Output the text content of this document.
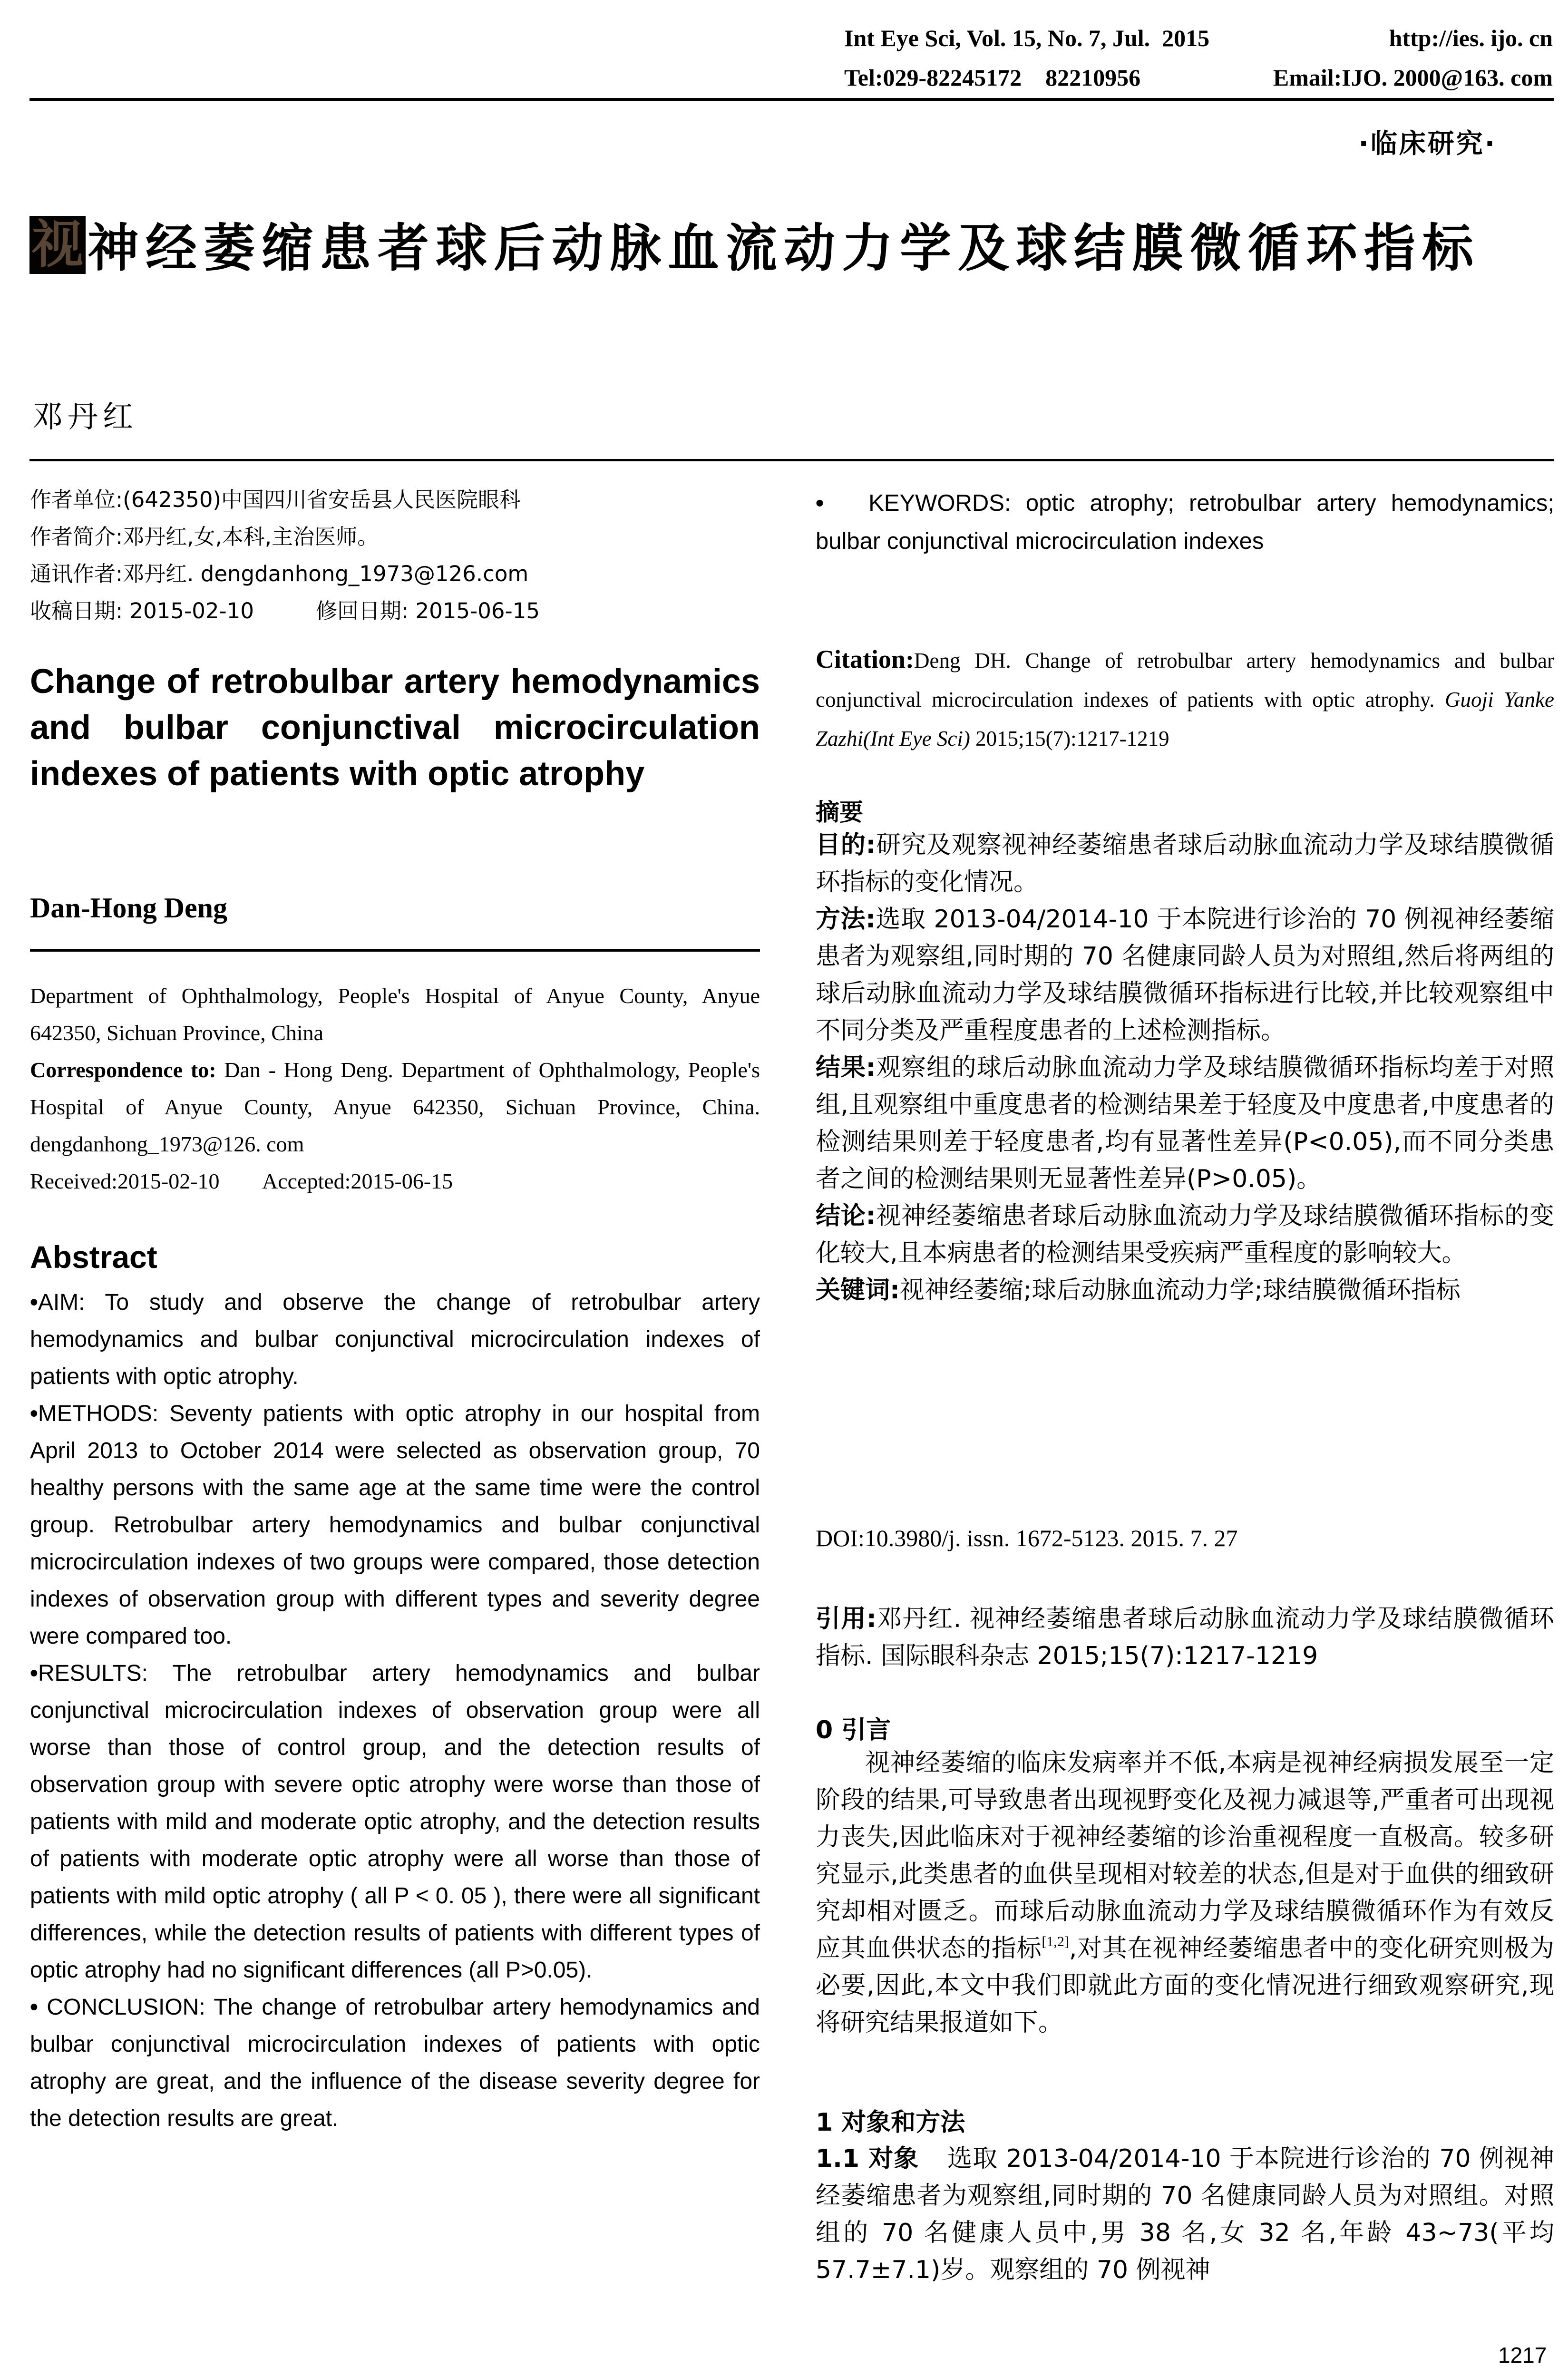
Int Eye Sci, Vol. 15, No. 7, Jul.  2015	http://ies. ijo. cn
Tel:029-82245172    82210956	Email:IJO. 2000@163. com
·临床研究·
视神经萎缩患者球后动脉血流动力学及球结膜微循环指标
邓丹红
作者单位:(642350)中国四川省安岳县人民医院眼科
作者简介:邓丹红,女,本科,主治医师。
通讯作者:邓丹红. dengdanhong_1973@126.com
收稿日期: 2015-02-10	修回日期: 2015-06-15
Change of retrobulbar artery hemodynamics and bulbar conjunctival microcirculation indexes of patients with optic atrophy
Dan-Hong Deng
Department of Ophthalmology, People's Hospital of Anyue County, Anyue 642350, Sichuan Province, China
Correspondence to: Dan - Hong Deng. Department of Ophthalmology, People's Hospital of Anyue County, Anyue 642350, Sichuan Province, China. dengdanhong_1973@126. com
Received:2015-02-10 Accepted:2015-06-15
Abstract

•AIM: To study and observe the change of retrobulbar artery hemodynamics and bulbar conjunctival microcirculation indexes of patients with optic atrophy.

•METHODS: Seventy patients with optic atrophy in our hospital from April 2013 to October 2014 were selected as observation group, 70 healthy persons with the same age at the same time were the control group. Retrobulbar artery hemodynamics and bulbar conjunctival microcirculation indexes of two groups were compared, those detection indexes of observation group with different types and severity degree were compared too.

•RESULTS: The retrobulbar artery hemodynamics and bulbar conjunctival microcirculation indexes of observation group were all worse than those of control group, and the detection results of observation group with severe optic atrophy were worse than those of patients with mild and moderate optic atrophy, and the detection results of patients with moderate optic atrophy were all worse than those of patients with mild optic atrophy ( all P < 0. 05 ), there were all significant differences, while the detection results of patients with different types of optic atrophy had no significant differences (all P>0.05).

• CONCLUSION: The change of retrobulbar artery hemodynamics and bulbar conjunctival microcirculation indexes of patients with optic atrophy are great, and the influence of the disease severity degree for the detection results are great.

• KEYWORDS: optic atrophy; retrobulbar artery hemodynamics; bulbar conjunctival microcirculation indexes
Citation:Deng DH. Change of retrobulbar artery hemodynamics and bulbar conjunctival microcirculation indexes of patients with optic atrophy. Guoji Yanke Zazhi(Int Eye Sci) 2015;15(7):1217-1219
摘要

目的:研究及观察视神经萎缩患者球后动脉血流动力学及球结膜微循环指标的变化情况。

方法:选取 2013-04/2014-10 于本院进行诊治的 70 例视神经萎缩患者为观察组,同时期的 70 名健康同龄人员为对照组,然后将两组的球后动脉血流动力学及球结膜微循环指标进行比较,并比较观察组中不同分类及严重程度患者的上述检测指标。

结果:观察组的球后动脉血流动力学及球结膜微循环指标均差于对照组,且观察组中重度患者的检测结果差于轻度及中度患者,中度患者的检测结果则差于轻度患者,均有显著性差异(P<0.05),而不同分类患者之间的检测结果则无显著性差异(P>0.05)。

结论:视神经萎缩患者球后动脉血流动力学及球结膜微循环指标的变化较大,且本病患者的检测结果受疾病严重程度的影响较大。

关键词:视神经萎缩;球后动脉血流动力学;球结膜微循环指标

DOI:10.3980/j. issn. 1672-5123. 2015. 7. 27
引用:邓丹红. 视神经萎缩患者球后动脉血流动力学及球结膜微循环指标. 国际眼科杂志 2015;15(7):1217-1219
0 引言

视神经萎缩的临床发病率并不低,本病是视神经病损发展至一定阶段的结果,可导致患者出现视野变化及视力减退等,严重者可出现视力丧失,因此临床对于视神经萎缩的诊治重视程度一直极高。较多研究显示,此类患者的血供呈现相对较差的状态,但是对于血供的细致研究却相对匮乏。而球后动脉血流动力学及球结膜微循环作为有效反应其血供状态的指标[1,2],对其在视神经萎缩患者中的变化研究则极为必要,因此,本文中我们即就此方面的变化情况进行细致观察研究,现将研究结果报道如下。

1 对象和方法
1.1 对象 选取 2013-04/2014-10 于本院进行诊治的 70 例视神经萎缩患者为观察组,同时期的 70 名健康同龄人员为对照组。对照组的 70 名健康人员中,男 38 名,女 32 名,年龄 43~73(平均 57.7±7.1)岁。观察组的 70 例视神
1217
